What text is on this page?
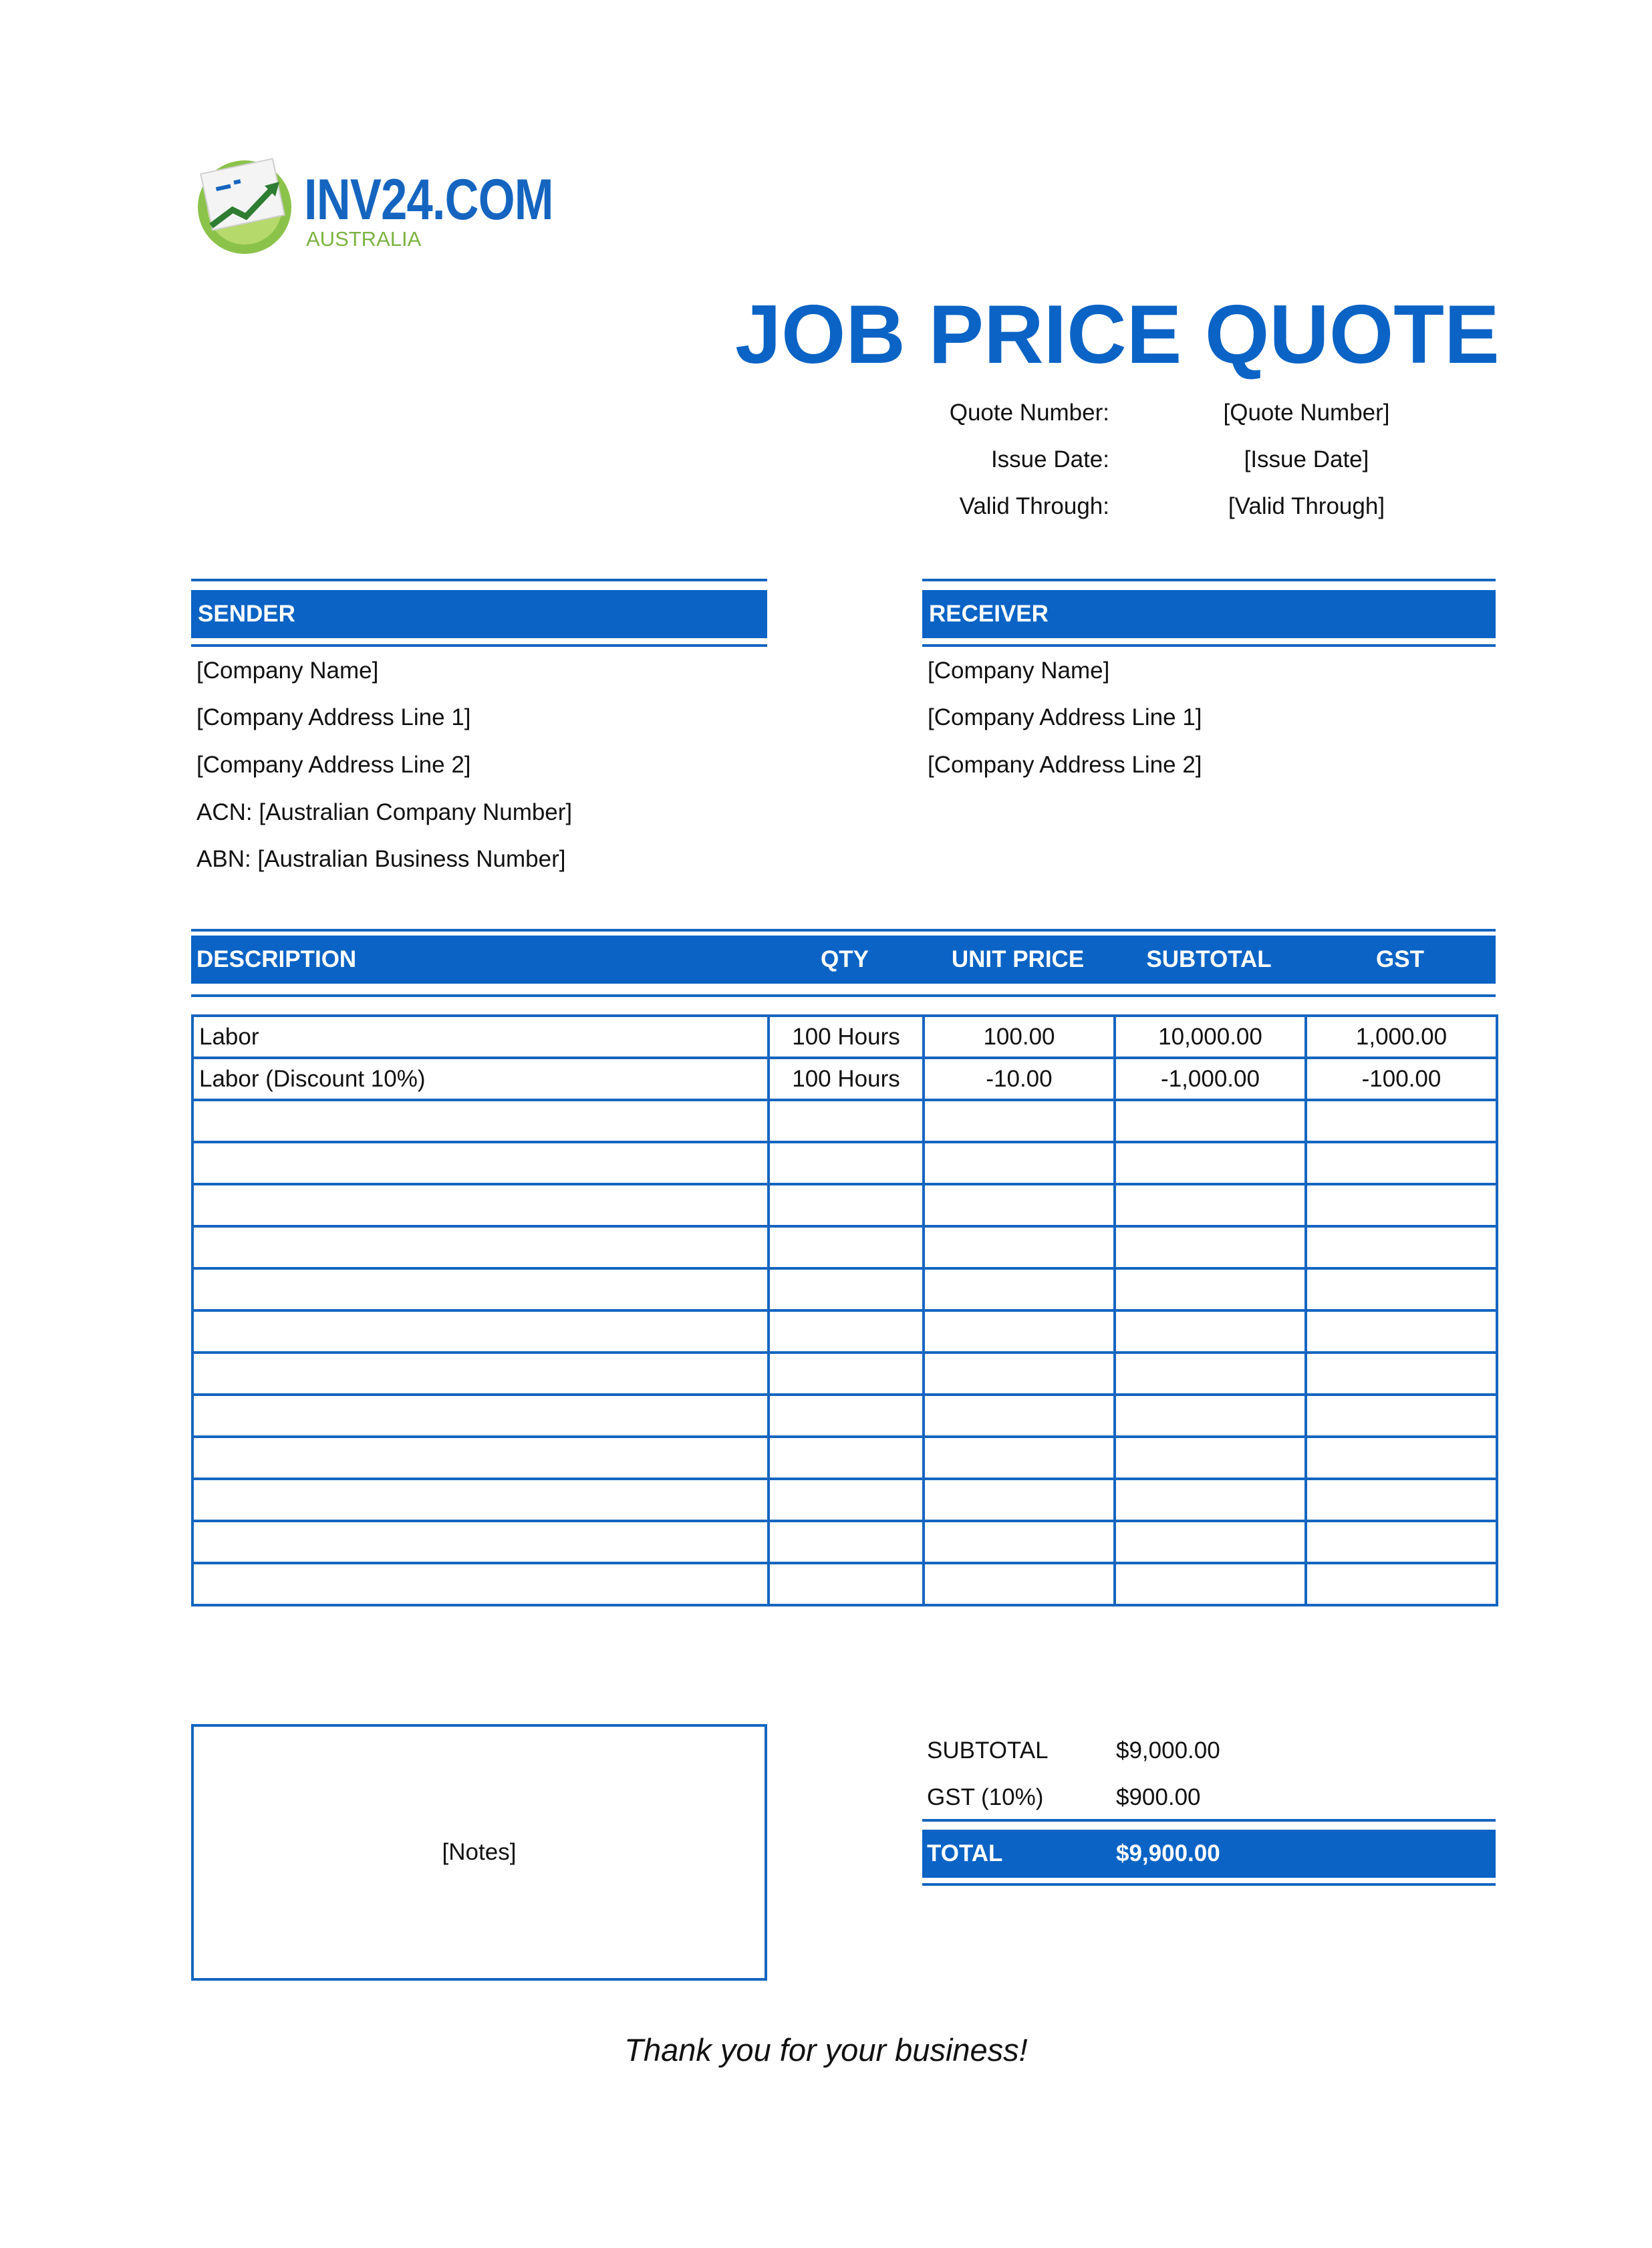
INV24.COM
AUSTRALIA
JOB PRICE QUOTE
Quote Number:	[Quote Number]
Issue Date:	[Issue Date]
Valid Through:	[Valid Through]
SENDER
[Company Name]
[Company Address Line 1]
[Company Address Line 2]
ACN: [Australian Company Number]
ABN: [Australian Business Number]
RECEIVER
[Company Name]
[Company Address Line 1]
[Company Address Line 2]
DESCRIPTION	QTY	UNIT PRICE	SUBTOTAL	GST
Labor	100 Hours	100.00	10,000.00	1,000.00
Labor (Discount 10%)	100 Hours	-10.00	-1,000.00	-100.00

[Notes]
SUBTOTAL	$9,000.00
GST (10%)	$900.00
TOTAL	$9,900.00
Thank you for your business!
